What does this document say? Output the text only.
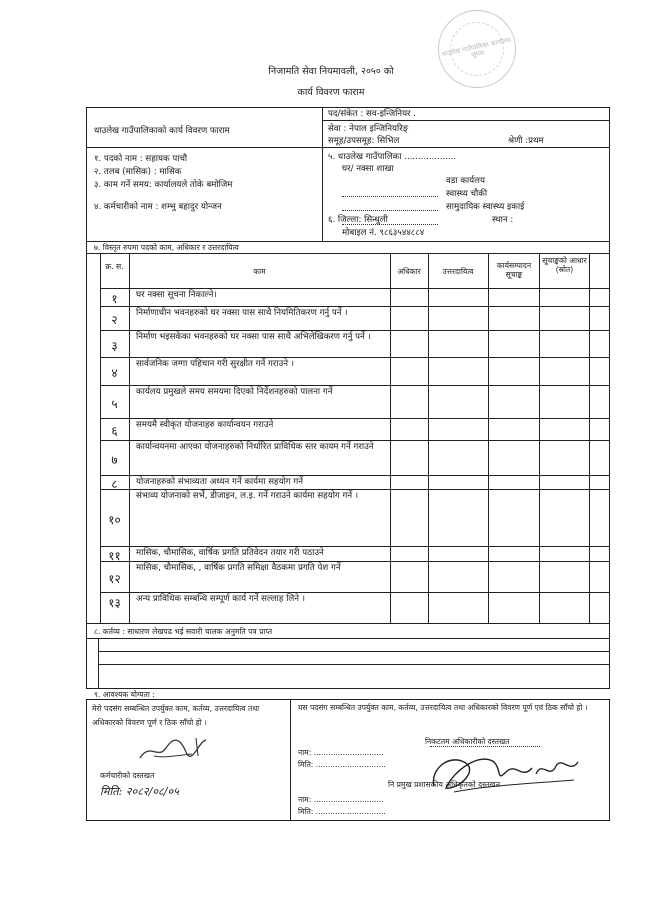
धाउलेख गाउँपालिका कार्यालय जुम्ला
निजामति सेवा नियमावली, २०५० को
कार्य विवरण फाराम
धाउलेख गाउँपालिकाको कार्य विवरण फाराम
पद/संकेत : सव-इन्जिनियर .
सेवा : नेपाल इन्जिनियरिङ्
समूह/उपसमूह: सिभिल	श्रेणी :प्रथम
१. पदको नाम : सहायक पाचौ
२. तलब (मासिक) : मासिक
३. काम गर्ने समय: कार्यालयले तोके बमोजिम
४. कर्मचारीको नाम : शम्भु बहादुर योन्जन
५. धाउलेख गाउँपालिका ...................
घर/ नक्सा शाखा
वडा कार्यलय
स्वास्थ्य चौकी
सामुदायिक स्वास्थ्य इकाई
६. जिल्ला: सिन्धुली	स्थान :
मोबाइल नं. ९८६३५४४८८४
७. विस्तृत रुपमा पदको काम, अधिकार र उत्तरदायित्व
क्र. स.
काम	अधिकार	उत्तरदायित्व
कार्यसम्पादन सूचाङ्क
सूचाङ्कको आधार (स्रोत)
१	घर नक्सा सूचना निकाल्ने।
२	निर्माणाधीन भवनहरुको घर नक्सा पास साथै नियमितिकरण गर्नु पर्ने ।
३
निर्माण भइसकेका भवनहरुको घर नक्सा पास साथै अभिलेखिकरण गर्नु पर्ने ।
४
सार्वजनिक जग्गा पहिचान गरी सुरक्षीत गर्ने गराउने ।
५
कार्यलय प्रमुखले समय समयमा दिएको निर्देशनहरुको पालना गर्ने
६	समयमै स्वीकृत योजनाहरु कार्यान्वयन गराउने
७
कार्यान्वयनमा आएका योजनाहरुको निर्धारित प्राविधिक स्तर कायम गर्ने गराउने
८	योजनाहरुको संभाव्यता अध्यन गर्ने कार्यमा सहयोग गर्ने
१०
संभाव्य योजनाको सर्भे, डीजाइन, ल.इ. गर्ने गराउने कार्यमा सहयोग गर्ने ।
११	मासिक, चौमासिक, वार्षिक प्रगति प्रतिवेदन तयार गरी पठाउने
१२
मासिक, चौमासिक, , वार्षिक प्रगति समिक्षा वैठकमा प्रगति पेश गर्ने
१३	अन्य प्राविधिक सम्बन्धि सम्पूर्ण कार्य गर्ने सल्लाह लिने ।
८. कर्तव्य : साधारण लेखपढ भई सवारी चालक अनुमति पत्र प्राप्त
९. आवश्यक योग्यता :
मेरो पदसंग सम्बन्धित उपर्युक्त काम, कर्तव्य, उत्तरदायित्व तथा अधिकारको विवरण पूर्ण र ठिक साँचो हो ।
कर्मचारीको दस्तखत
मिति: २०८२/०८/०५
यस पदसंग सम्बन्धित उपर्युक्त काम, कर्तव्य, उत्तरदायित्व तथा अधिकारको विवरण पूर्ण एवं ठिक साँचो हो ।
निकटतम अधिकारीको दस्तखत
नाम: .............................
मिति: .............................
नि प्रमुख प्रशासकीय अधिकृतको दस्तखत
नाम: .............................
मिति: .............................
